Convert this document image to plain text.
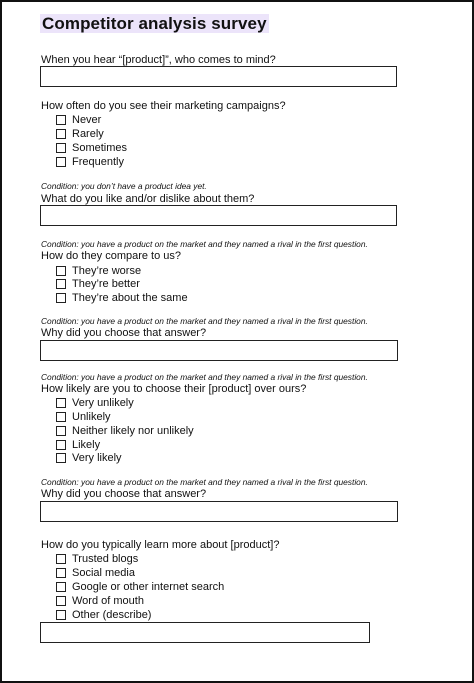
Competitor analysis survey
When you hear “[product]”, who comes to mind?
How often do you see their marketing campaigns?
Never
Rarely
Sometimes
Frequently
Condition: you don’t have a product idea yet.
What do you like and/or dislike about them?
Condition: you have a product on the market and they named a rival in the first question.
How do they compare to us?
They’re worse
They’re better
They’re about the same
Condition: you have a product on the market and they named a rival in the first question.
Why did you choose that answer?
Condition: you have a product on the market and they named a rival in the first question.
How likely are you to choose their [product] over ours?
Very unlikely
Unlikely
Neither likely nor unlikely
Likely
Very likely
Condition: you have a product on the market and they named a rival in the first question.
Why did you choose that answer?
How do you typically learn more about [product]?
Trusted blogs
Social media
Google or other internet search
Word of mouth
Other (describe)
